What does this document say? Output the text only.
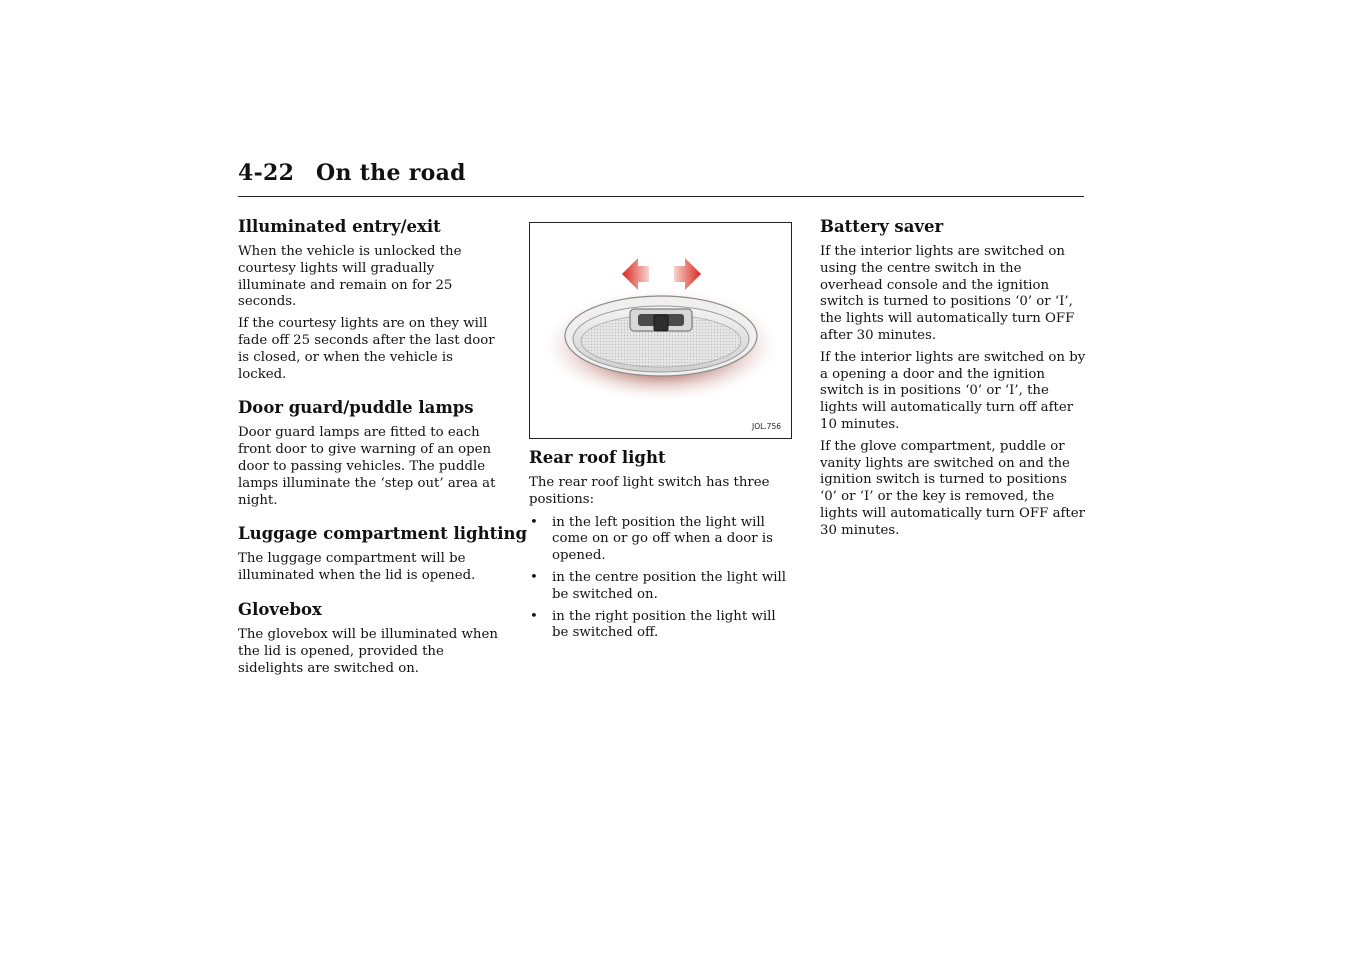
4-22 On the road
Illuminated entry/exit

When the vehicle is unlocked the courtesy lights will gradually illuminate and remain on for 25 seconds.

If the courtesy lights are on they will fade off 25 seconds after the last door is closed, or when the vehicle is locked.

Door guard/puddle lamps

Door guard lamps are fitted to each front door to give warning of an open door to passing vehicles. The puddle lamps illuminate the ‘step out’ area at night.

Luggage compartment lighting

The luggage compartment will be illuminated when the lid is opened.

Glovebox

The glovebox will be illuminated when the lid is opened, provided the sidelights are switched on.

JOL.756
Rear roof light

The rear roof light switch has three positions:

• in the left position the light will come on or go off when a door is opened.
• in the centre position the light will be switched on.
• in the right position the light will be switched off.
Battery saver

If the interior lights are switched on using the centre switch in the overhead console and the ignition switch is turned to positions ‘0’ or ‘I’, the lights will automatically turn OFF after 30 minutes.

If the interior lights are switched on by a opening a door and the ignition switch is in positions ‘0’ or ‘I’, the lights will automatically turn off after 10 minutes.

If the glove compartment, puddle or vanity lights are switched on and the ignition switch is turned to positions ‘0’ or ‘I’ or the key is removed, the lights will automatically turn OFF after 30 minutes.
